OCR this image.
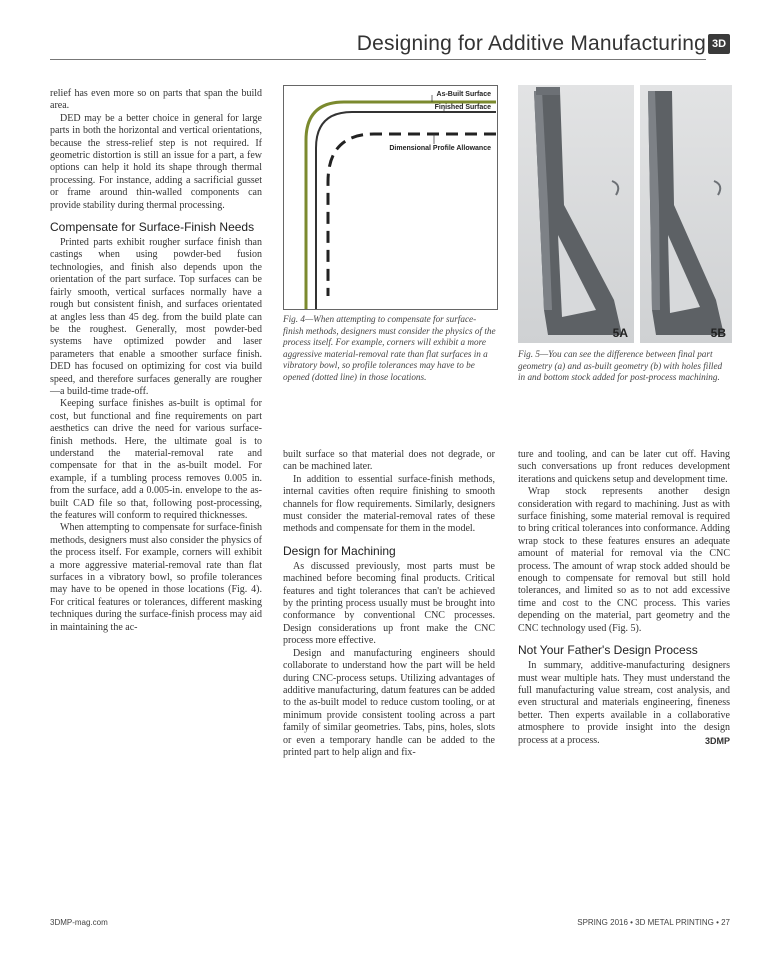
Designing for Additive Manufacturing 3D

relief has even more so on parts that span the build area.

DED may be a better choice in general for large parts in both the horizontal and vertical orientations, because the stress-relief step is not required. If geometric distortion is still an issue for a part, a few options can help it hold its shape through thermal processing. For instance, adding a sacrificial gusset or frame around thin-walled components can provide stability during thermal processing.

Compensate for Surface-Finish Needs

Printed parts exhibit rougher surface finish than castings when using powder-bed fusion technologies, and finish also depends upon the orientation of the part surface. Top surfaces can be fairly smooth, vertical surfaces normally have a rough but consistent finish, and surfaces orientated at angles less than 45 deg. from the build plate can be the roughest. Generally, most powder-bed systems have optimized powder and laser parameters that enable a smoother surface finish. DED has focused on optimizing for cost via build speed, and therefore surfaces generally are rougher—a build-time trade-off.

Keeping surface finishes as-built is optimal for cost, but functional and fine requirements on part aesthetics can drive the need for various surface-finish methods. Here, the ultimate goal is to understand the material-removal rate and compensate for that in the as-built model. For example, if a tumbling process removes 0.005 in. from the surface, add a 0.005-in. envelope to the as-built CAD file so that, following post-processing, the features will conform to required thicknesses.

When attempting to compensate for surface-finish methods, designers must also consider the physics of the process itself. For example, corners will exhibit a more aggressive material-removal rate than flat surfaces in a vibratory bowl, so profile tolerances may have to be opened in those locations (Fig. 4). For critical features or tolerances, different masking techniques during the surface-finish process may aid in maintaining the ac-

As-Built Surface
Finished Surface
Dimensional Profile Allowance
Fig. 4—When attempting to compensate for surface-finish methods, designers must consider the physics of the process itself. For example, corners will exhibit a more aggressive material-removal rate than flat surfaces in a vibratory bowl, so profile tolerances may have to be opened (dotted line) in those locations.
5A	5B
Fig. 5—You can see the difference between final part geometry (a) and as-built geometry (b) with holes filled in and bottom stock added for post-process machining.

built surface so that material does not degrade, or can be machined later.

In addition to essential surface-finish methods, internal cavities often require finishing to smooth channels for flow requirements. Similarly, designers must consider the material-removal rates of these methods and compensate for them in the model.

Design for Machining

As discussed previously, most parts must be machined before becoming final products. Critical features and tight tolerances that can't be achieved by the printing process usually must be brought into conformance by conventional CNC processes. Design considerations up front make the CNC process more effective.

Design and manufacturing engineers should collaborate to understand how the part will be held during CNC-process setups. Utilizing advantages of additive manufacturing, datum features can be added to the as-built model to reduce custom tooling, or at minimum provide consistent tooling across a part family of similar geometries. Tabs, pins, holes, slots or even a temporary handle can be added to the printed part to help align and fix-

ture and tooling, and can be later cut off. Having such conversations up front reduces development iterations and quickens setup and development time.

Wrap stock represents another design consideration with regard to machining. Just as with surface finishing, some material removal is required to bring critical tolerances into conformance. Adding wrap stock to these features ensures an adequate amount of material for removal via the CNC process. The amount of wrap stock added should be enough to compensate for removal but still hold tolerances, and limited so as to not add excessive time and cost to the CNC process. This varies depending on the material, part geometry and the CNC technology used (Fig. 5).

Not Your Father's Design Process

In summary, additive-manufacturing designers must wear multiple hats. They must understand the full manufacturing value stream, cost analysis, and even structural and materials engineering, fineness better. Then experts available in a collaborative atmosphere to provide insight into the design process at a process.	3DMP

3DMP-mag.com	SPRING 2016 • 3D METAL PRINTING • 27
